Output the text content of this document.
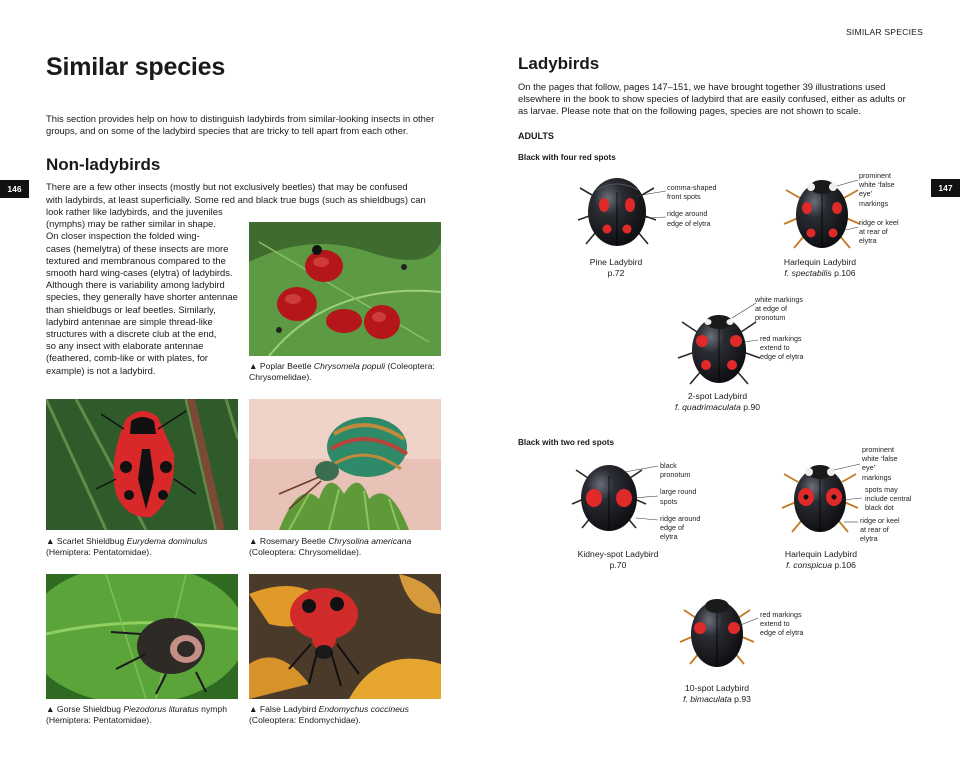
SIMILAR SPECIES
146	147
Similar species
This section provides help on how to distinguish ladybirds from similar-looking insects in other groups, and on some of the ladybird species that are tricky to tell apart from each other.
Non-ladybirds
There are a few other insects (mostly but not exclusively beetles) that may be confused
with ladybirds, at least superficially. Some red and black true bugs (such as shieldbugs) can
look rather like ladybirds, and the juveniles
(nymphs) may be rather similar in shape.
On closer inspection the folded wing-
cases (hemelytra) of these insects are more
textured and membranous compared to the
smooth hard wing-cases (elytra) of ladybirds.
Although there is variability among ladybird
species, they generally have shorter antennae
than shieldbugs or leaf beetles. Similarly,
ladybird antennae are simple thread-like
structures with a discrete club at the end,
so any insect with elaborate antennae
(feathered, comb-like or with plates, for
example) is not a ladybird.	▲ Poplar Beetle Chrysomela populi (Coleoptera:
Chrysomelidae).
▲ Scarlet Shieldbug Eurydema dominulus
(Hemiptera: Pentatomidae).
▲ Rosemary Beetle Chrysolina americana
(Coleoptera: Chrysomelidae).
▲ Gorse Shieldbug Piezodorus lituratus nymph
(Hemiptera: Pentatomidae).
▲ False Ladybird Endomychus coccineus
(Coleoptera: Endomychidae).
Ladybirds
On the pages that follow, pages 147–151, we have brought together 39 illustrations used
elsewhere in the book to show species of ladybird that are easily confused, either as adults or
as larvae. Please note that on the following pages, species are not shown to scale.
ADULTS
Black with four red spots
Black with two red spots
comma-shaped
front spots
ridge around
edge of elytra
prominent
white ‘false
eye’
markings
ridge or keel
at rear of
elytra
white markings
at edge of
pronotum
red markings
extend to
edge of elytra
black
pronotum
large round
spots
ridge around
edge of
elytra
prominent
white ‘false
eye’
markings
spots may
include central
black dot
ridge or keel
at rear of
elytra
red markings
extend to
edge of elytra
Pine Ladybird
p.72
Harlequin Ladybird
f. spectabilis p.106
2-spot Ladybird
f. quadrimaculata p.90
Kidney-spot Ladybird
p.70
Harlequin Ladybird
f. conspicua p.106
10-spot Ladybird
f. bimaculata p.93
